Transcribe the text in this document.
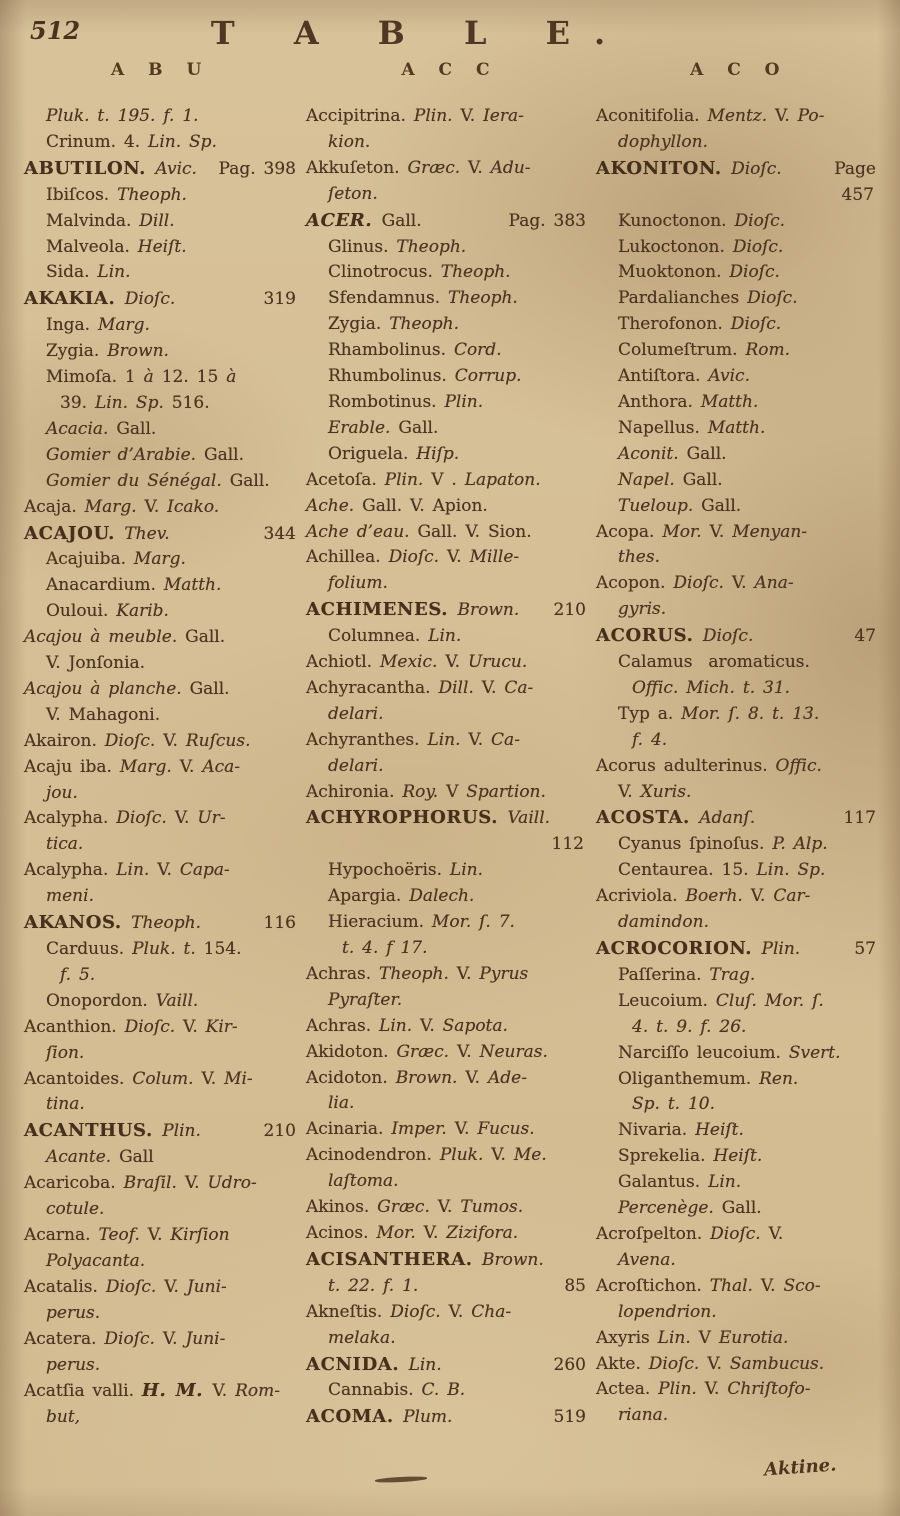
512	T A B L E.
A B U	A C C	A C O
Pluk. t. 195. f. 1.
Crinum. 4. Lin. Sp.
ABUTILON. Avic. Pag. 398
Ibiſcos. Theoph.
Malvinda. Dill.
Malveola. Heiſt.
Sida. Lin.
AKAKIA. Dioſc.	319
Inga. Marg.
Zygia. Brown.
Mimoſa. 1 à 12. 15 à
39. Lin. Sp. 516.
Acacia. Gall.
Gomier d’Arabie. Gall.
Gomier du Sénégal. Gall.
Acaja. Marg. V. Icako.
ACAJOU. Thev.	344
Acajuiba. Marg.
Anacardium. Matth.
Ouloui. Karib.
Acajou à meuble. Gall.
V. Jonſonia.
Acajou à planche. Gall.
V. Mahagoni.
Akairon. Dioſc. V. Ruſcus.
Acaju iba. Marg. V. Aca-
jou.
Acalypha. Dioſc. V. Ur-
tica.
Acalypha. Lin. V. Capa-
meni.
AKANOS. Theoph.	116
Carduus. Pluk. t. 154.
f. 5.
Onopordon. Vaill.
Acanthion. Dioſc. V. Kir-
ſion.
Acantoides. Colum. V. Mi-
tina.
ACANTHUS. Plin.	210
Acante. Gall
Acaricoba. Braſil. V. Udro-
cotule.
Acarna. Teof. V. Kirſion
Polyacanta.
Acatalis. Dioſc. V. Juni-
perus.
Acatera. Dioſc. V. Juni-
perus.
Acatſia valli. H. M. V. Rom-
but,
Accipitrina. Plin. V. Iera-
kion.
Akkuſeton. Græc. V. Adu-
ſeton.
ACER. Gall.	Pag. 383
Glinus. Theoph.
Clinotrocus. Theoph.
Sfendamnus. Theoph.
Zygia. Theoph.
Rhambolinus. Cord.
Rhumbolinus. Corrup.
Rombotinus. Plin.
Erable. Gall.
Origuela. Hiſp.
Acetoſa. Plin. V . Lapaton.
Ache. Gall. V. Apion.
Ache d’eau. Gall. V. Sion.
Achillea. Dioſc. V. Mille-
folium.
ACHIMENES. Brown. 210
Columnea. Lin.
Achiotl. Mexic. V. Urucu.
Achyracantha. Dill. V. Ca-
delari.
Achyranthes. Lin. V. Ca-
delari.
Achironia. Roy. V Spartion.
ACHYROPHORUS. Vaill.
112
Hypochoëris. Lin.
Apargia. Dalech.
Hieracium. Mor. ſ. 7.
t. 4. f 17.
Achras. Theoph. V. Pyrus
Pyraſter.
Achras. Lin. V. Sapota.
Akidoton. Græc. V. Neuras.
Acidoton. Brown. V. Ade-
lia.
Acinaria. Imper. V. Fucus.
Acinodendron. Pluk. V. Me.
laſtoma.
Akinos. Græc. V. Tumos.
Acinos. Mor. V. Zizifora.
ACISANTHERA. Brown.
t. 22. f. 1.	85
Akneſtis. Dioſc. V. Cha-
melaka.
ACNIDA. Lin.	260
Cannabis. C. B.
ACOMA. Plum.	519
Aconitifolia. Mentz. V. Po-
dophyllon.
AKONITON. Dioſc.	Page
457
Kunoctonon. Dioſc.
Lukoctonon. Dioſc.
Muoktonon. Dioſc.
Pardalianches Dioſc.
Therofonon. Dioſc.
Columeſtrum. Rom.
Antiſtora. Avic.
Anthora. Matth.
Napellus. Matth.
Aconit. Gall.
Napel. Gall.
Tueloup. Gall.
Acopa. Mor. V. Menyan-
thes.
Acopon. Dioſc. V. Ana-
gyris.
ACORUS. Dioſc.	47
Calamus  aromaticus.
Offic. Mich. t. 31.
Typ a. Mor. ſ. 8. t. 13.
f. 4.
Acorus adulterinus. Offic.
V. Xuris.
ACOSTA. Adanſ.	117
Cyanus ſpinoſus. P. Alp.
Centaurea. 15. Lin. Sp.
Acriviola. Boerh. V. Car-
damindon.
ACROCORION. Plin.	57
Paſſerina. Trag.
Leucoium. Cluſ. Mor. ſ.
4. t. 9. f. 26.
Narciſſo leucoium. Svert.
Oliganthemum. Ren.
Sp. t. 10.
Nivaria. Heiſt.
Sprekelia. Heiſt.
Galantus. Lin.
Percenège. Gall.
Acroſpelton. Dioſc. V.
Avena.
Acroſtichon. Thal. V. Sco-
lopendrion.
Axyris Lin. V Eurotia.
Akte. Dioſc. V. Sambucus.
Actea. Plin. V. Chriſtofo-
riana.
Aktine.
